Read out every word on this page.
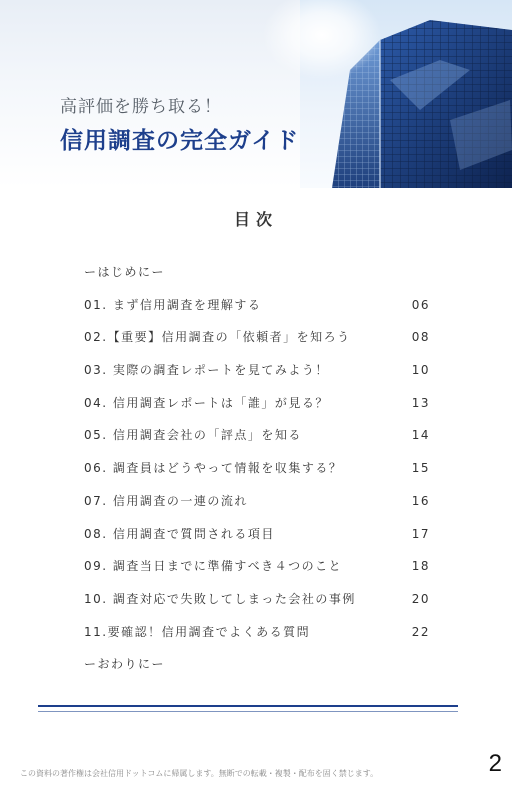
高評価を勝ち取る！
信用調査の完全ガイド
目次
ーはじめにー
01. まず信用調査を理解する	06
02.【重要】信用調査の「依頼者」を知ろう	08
03. 実際の調査レポートを見てみよう！	10
04. 信用調査レポートは「誰」が見る？	13
05. 信用調査会社の「評点」を知る	14
06. 調査員はどうやって情報を収集する？	15
07. 信用調査の一連の流れ	16
08. 信用調査で質問される項目	17
09. 調査当日までに準備すべき４つのこと	18
10. 調査対応で失敗してしまった会社の事例	20
11.要確認！信用調査でよくある質問	22
ーおわりにー
この資料の著作権は会社信用ドットコムに帰属します。無断での転載・複製・配布を固く禁じます。	2
